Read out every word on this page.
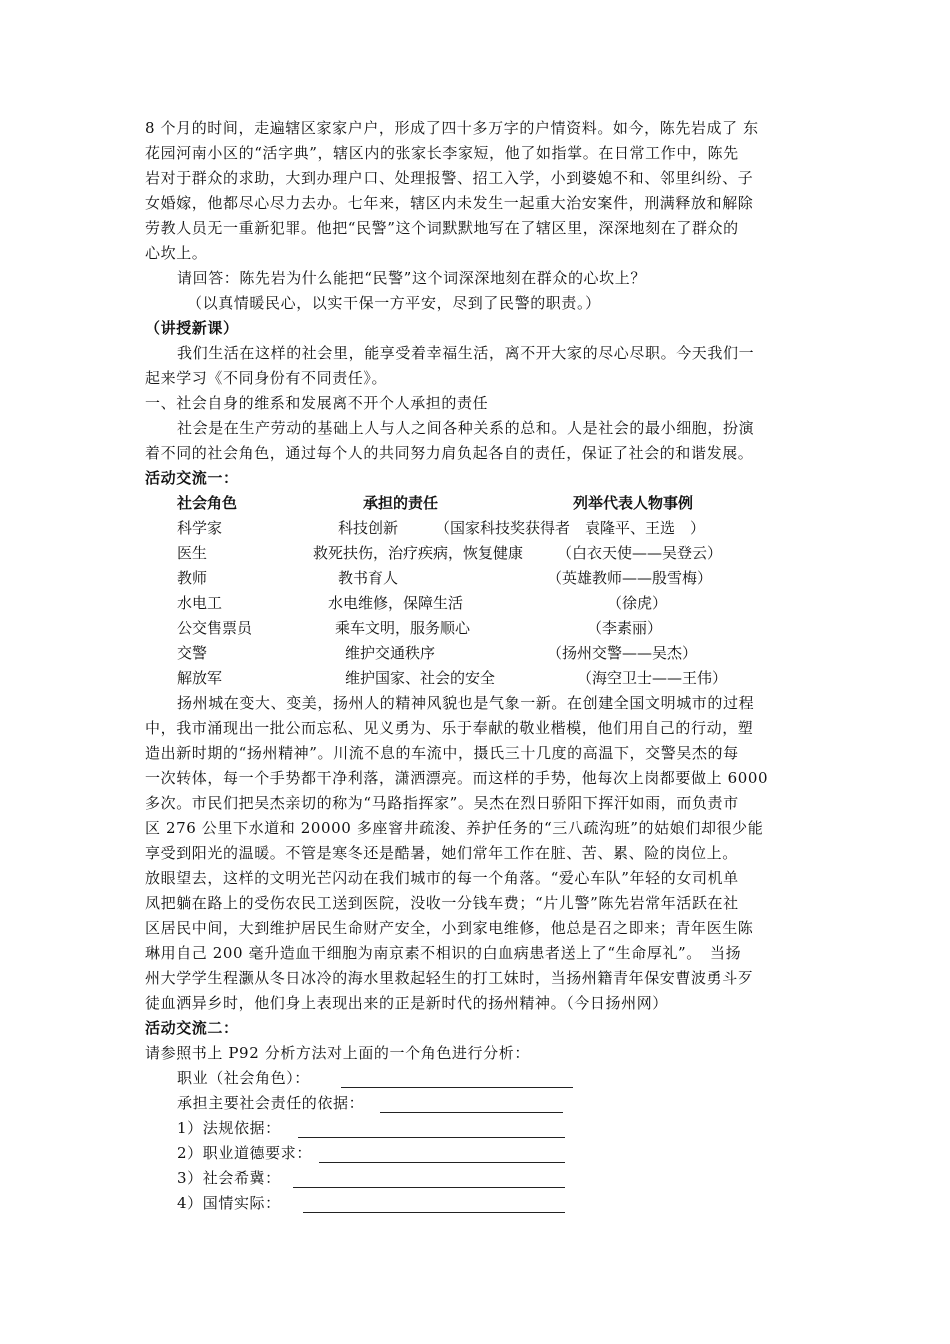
8 个月的时间，走遍辖区家家户户，形成了四十多万字的户情资料。如今，陈先岩成了 东
花园河南小区的“活字典”，辖区内的张家长李家短，他了如指掌。在日常工作中，陈先
岩对于群众的求助，大到办理户口、处理报警、招工入学，小到婆媳不和、邻里纠纷、子
女婚嫁，他都尽心尽力去办。七年来，辖区内未发生一起重大治安案件，刑满释放和解除
劳教人员无一重新犯罪。他把“民警”这个词默默地写在了辖区里，深深地刻在了群众的
心坎上。
请回答：陈先岩为什么能把“民警”这个词深深地刻在群众的心坎上？
（以真情暖民心，以实干保一方平安，尽到了民警的职责。）
（讲授新课）
我们生活在这样的社会里，能享受着幸福生活，离不开大家的尽心尽职。今天我们一
起来学习《不同身份有不同责任》。
一、社会自身的维系和发展离不开个人承担的责任
社会是在生产劳动的基础上人与人之间各种关系的总和。人是社会的最小细胞，扮演
着不同的社会角色，通过每个人的共同努力肩负起各自的责任，保证了社会的和谐发展。
活动交流一：
社会角色	承担的责任	列举代表人物事例
科学家	科技创新 （国家科技奖获得者　袁隆平、王选　）
医生	救死扶伤，治疗疾病，恢复健康 （白衣天使——吴登云）
教师	教书育人	（英雄教师——殷雪梅）
水电工	水电维修，保障生活	（徐虎）
公交售票员	乘车文明，服务顺心	（李素丽）
交警	维护交通秩序	（扬州交警——吴杰）
解放军	维护国家、社会的安全	（海空卫士——王伟）
扬州城在变大、变美，扬州人的精神风貌也是气象一新。在创建全国文明城市的过程
中，我市涌现出一批公而忘私、见义勇为、乐于奉献的敬业楷模，他们用自己的行动，塑
造出新时期的“扬州精神”。川流不息的车流中，摄氏三十几度的高温下，交警吴杰的每
一次转体，每一个手势都干净利落，潇洒漂亮。而这样的手势，他每次上岗都要做上 6000
多次。市民们把吴杰亲切的称为“马路指挥家”。吴杰在烈日骄阳下挥汗如雨，而负责市
区 276 公里下水道和 20000 多座窨井疏浚、养护任务的“三八疏沟班”的姑娘们却很少能
享受到阳光的温暖。不管是寒冬还是酷暑，她们常年工作在脏、苦、累、险的岗位上。
放眼望去，这样的文明光芒闪动在我们城市的每一个角落。“爱心车队”年轻的女司机单
凤把躺在路上的受伤农民工送到医院，没收一分钱车费；“片儿警”陈先岩常年活跃在社
区居民中间，大到维护居民生命财产安全，小到家电维修，他总是召之即来；青年医生陈
琳用自己 200 毫升造血干细胞为南京素不相识的白血病患者送上了“生命厚礼”。　当扬
州大学学生程灏从冬日冰冷的海水里救起轻生的打工妹时，当扬州籍青年保安曹波勇斗歹
徒血洒异乡时，他们身上表现出来的正是新时代的扬州精神。（今日扬州网）
活动交流二：
请参照书上 P92 分析方法对上面的一个角色进行分析：
职业（社会角色）：
承担主要社会责任的依据：
1）法规依据：
2）职业道德要求：
3）社会希冀：
4）国情实际：
